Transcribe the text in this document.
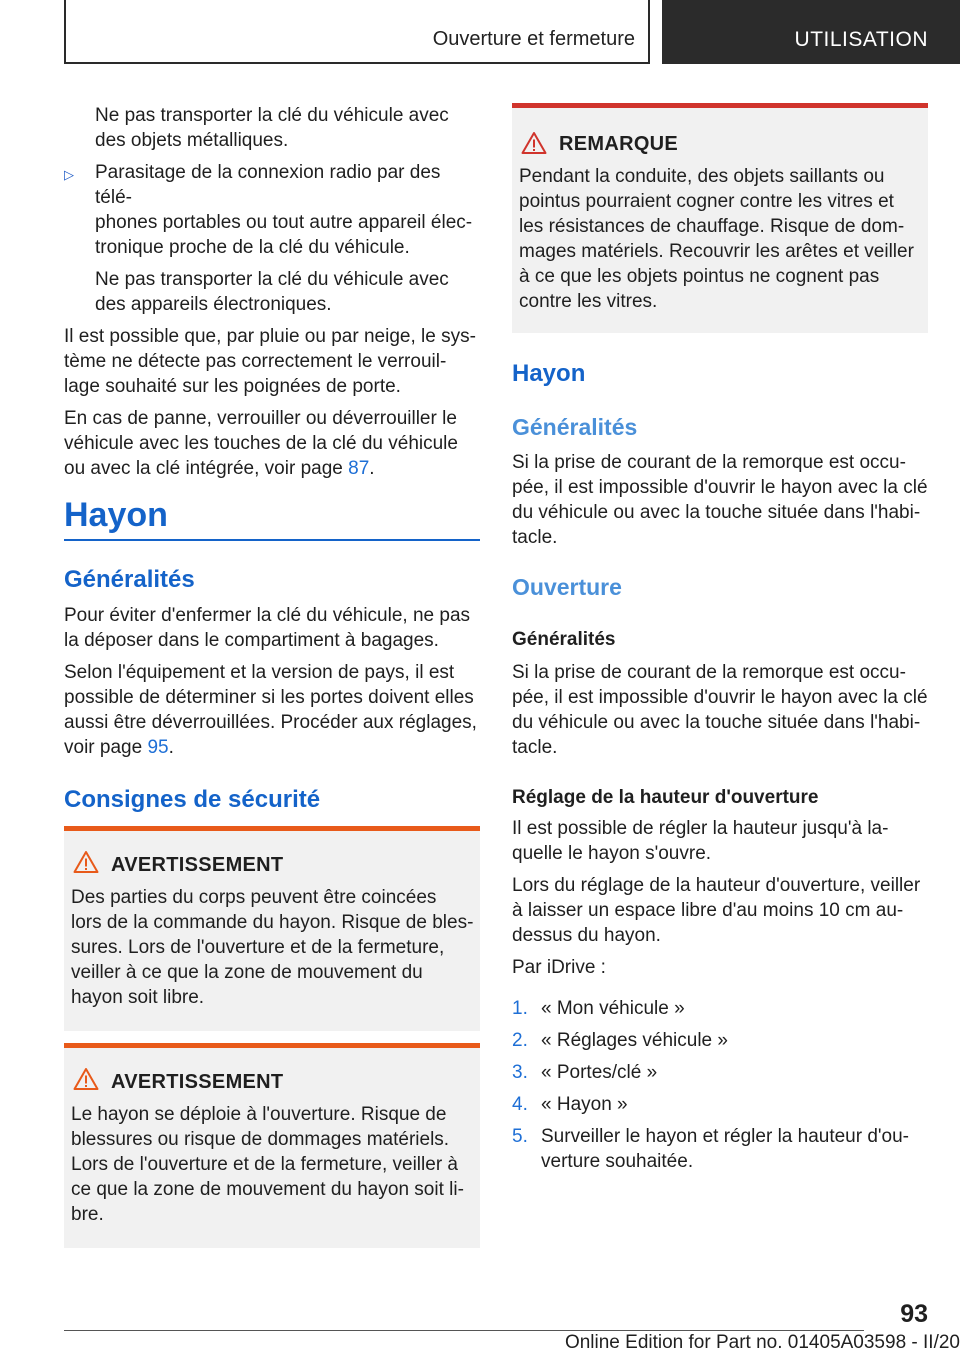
Ouverture et fermeture	UTILISATION

Ne pas transporter la clé du véhicule avec

des objets métalliques.

▷	Parasitage de la connexion radio par des télé-

phones portables ou tout autre appareil élec-

tronique proche de la clé du véhicule.

Ne pas transporter la clé du véhicule avec

des appareils électroniques.

Il est possible que, par pluie ou par neige, le sys-

tème ne détecte pas correctement le verrouil-

lage souhaité sur les poignées de porte.

En cas de panne, verrouiller ou déverrouiller le

véhicule avec les touches de la clé du véhicule

ou avec la clé intégrée, voir page 87.

Hayon
Généralités

Pour éviter d'enfermer la clé du véhicule, ne pas

la déposer dans le compartiment à bagages.

Selon l'équipement et la version de pays, il est

possible de déterminer si les portes doivent elles

aussi être déverrouillées. Procéder aux réglages,

voir page 95.

Consignes de sécurité
AVERTISSEMENT

Des parties du corps peuvent être coincées

lors de la commande du hayon. Risque de bles-

sures. Lors de l'ouverture et de la fermeture,

veiller à ce que la zone de mouvement du

hayon soit libre.

AVERTISSEMENT

Le hayon se déploie à l'ouverture. Risque de

blessures ou risque de dommages matériels.

Lors de l'ouverture et de la fermeture, veiller à

ce que la zone de mouvement du hayon soit li-

bre.

REMARQUE

Pendant la conduite, des objets saillants ou

pointus pourraient cogner contre les vitres et

les résistances de chauffage. Risque de dom-

mages matériels. Recouvrir les arêtes et veiller

à ce que les objets pointus ne cognent pas

contre les vitres.

Hayon
Généralités

Si la prise de courant de la remorque est occu-

pée, il est impossible d'ouvrir le hayon avec la clé

du véhicule ou avec la touche située dans l'habi-

tacle.

Ouverture
Généralités

Si la prise de courant de la remorque est occu-

pée, il est impossible d'ouvrir le hayon avec la clé

du véhicule ou avec la touche située dans l'habi-

tacle.

Réglage de la hauteur d'ouverture

Il est possible de régler la hauteur jusqu'à la-

quelle le hayon s'ouvre.

Lors du réglage de la hauteur d'ouverture, veiller

à laisser un espace libre d'au moins 10 cm au-

dessus du hayon.

Par iDrive :

1. « Mon véhicule »
2. « Réglages véhicule »
3. « Portes/clé »
4. « Hayon »
5. Surveiller le hayon et régler la hauteur d'ou-

verture souhaitée.

93
Online Edition for Part no. 01405A03598 - II/20
